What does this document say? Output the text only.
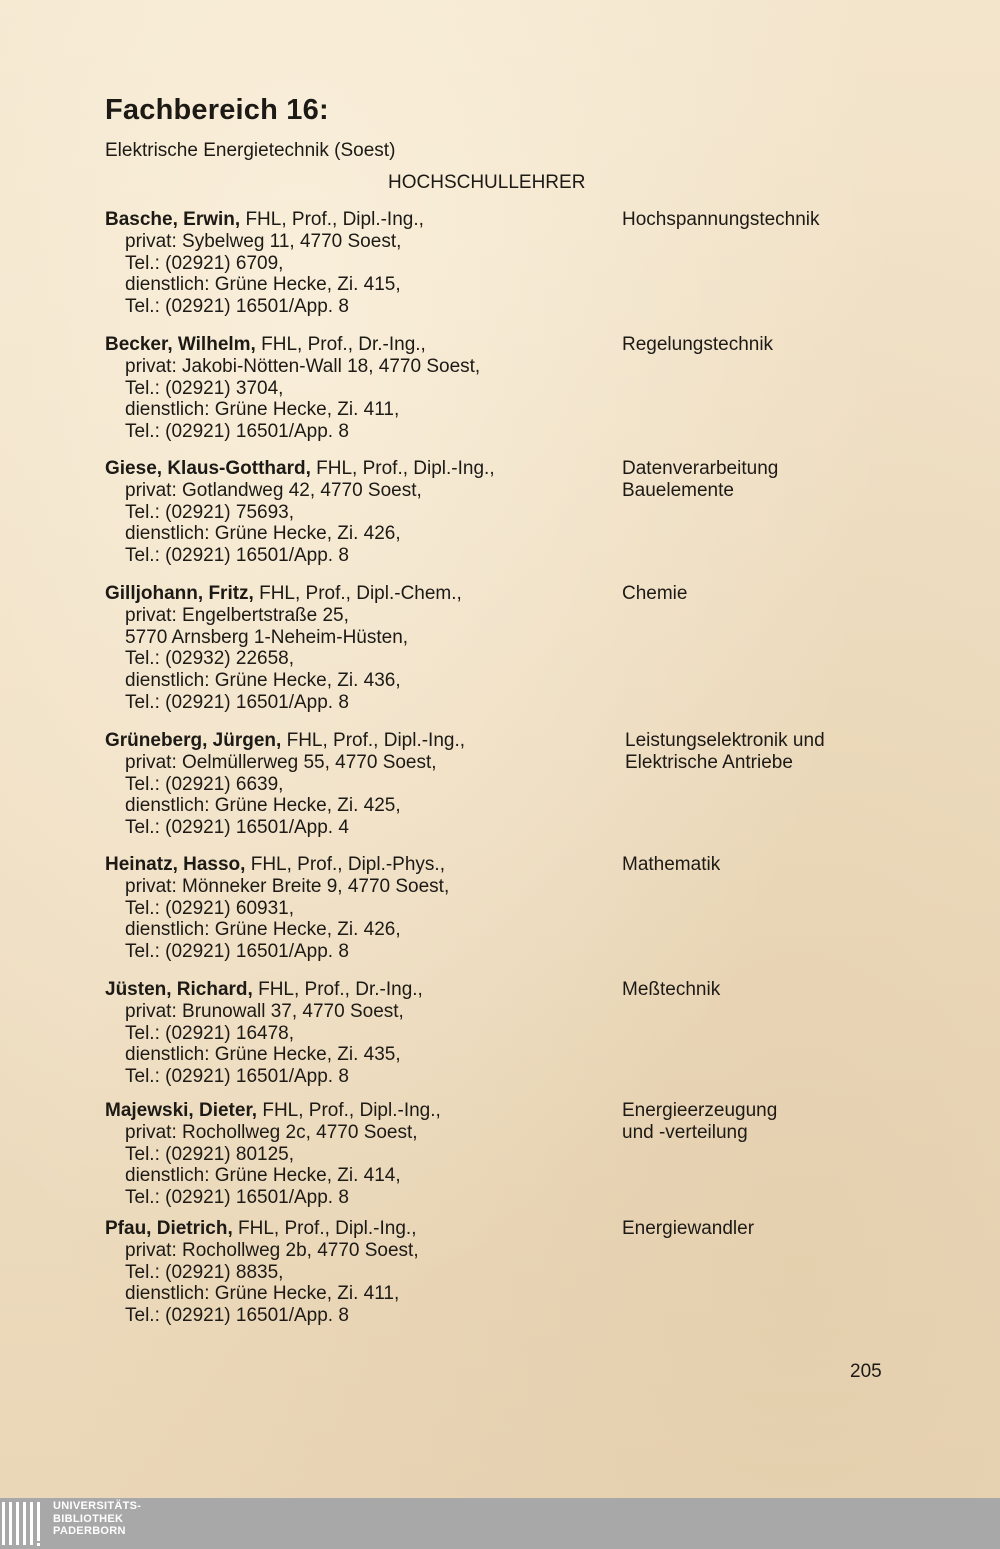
Fachbereich 16:
Elektrische Energietechnik (Soest)
HOCHSCHULLEHRER
Basche, Erwin, FHL, Prof., Dipl.-Ing.,
privat: Sybelweg 11, 4770 Soest,
Tel.: (02921) 6709,
dienstlich: Grüne Hecke, Zi. 415,
Tel.: (02921) 16501/App. 8
Hochspannungstechnik
Becker, Wilhelm, FHL, Prof., Dr.-Ing.,
privat: Jakobi-Nötten-Wall 18, 4770 Soest,
Tel.: (02921) 3704,
dienstlich: Grüne Hecke, Zi. 411,
Tel.: (02921) 16501/App. 8
Regelungstechnik
Giese, Klaus-Gotthard, FHL, Prof., Dipl.-Ing.,
privat: Gotlandweg 42, 4770 Soest,
Tel.: (02921) 75693,
dienstlich: Grüne Hecke, Zi. 426,
Tel.: (02921) 16501/App. 8
Datenverarbeitung
Bauelemente
Gilljohann, Fritz, FHL, Prof., Dipl.-Chem.,
privat: Engelbertstraße 25,
5770 Arnsberg 1-Neheim-Hüsten,
Tel.: (02932) 22658,
dienstlich: Grüne Hecke, Zi. 436,
Tel.: (02921) 16501/App. 8
Chemie
Grüneberg, Jürgen, FHL, Prof., Dipl.-Ing.,
privat: Oelmüllerweg 55, 4770 Soest,
Tel.: (02921) 6639,
dienstlich: Grüne Hecke, Zi. 425,
Tel.: (02921) 16501/App. 4
Leistungselektronik und
Elektrische Antriebe
Heinatz, Hasso, FHL, Prof., Dipl.-Phys.,
privat: Mönneker Breite 9, 4770 Soest,
Tel.: (02921) 60931,
dienstlich: Grüne Hecke, Zi. 426,
Tel.: (02921) 16501/App. 8
Mathematik
Jüsten, Richard, FHL, Prof., Dr.-Ing.,
privat: Brunowall 37, 4770 Soest,
Tel.: (02921) 16478,
dienstlich: Grüne Hecke, Zi. 435,
Tel.: (02921) 16501/App. 8
Meßtechnik
Majewski, Dieter, FHL, Prof., Dipl.-Ing.,
privat: Rochollweg 2c, 4770 Soest,
Tel.: (02921) 80125,
dienstlich: Grüne Hecke, Zi. 414,
Tel.: (02921) 16501/App. 8
Energieerzeugung
und -verteilung
Pfau, Dietrich, FHL, Prof., Dipl.-Ing.,
privat: Rochollweg 2b, 4770 Soest,
Tel.: (02921) 8835,
dienstlich: Grüne Hecke, Zi. 411,
Tel.: (02921) 16501/App. 8
Energiewandler
205
UNIVERSITÄTS-
BIBLIOTHEK
PADERBORN
